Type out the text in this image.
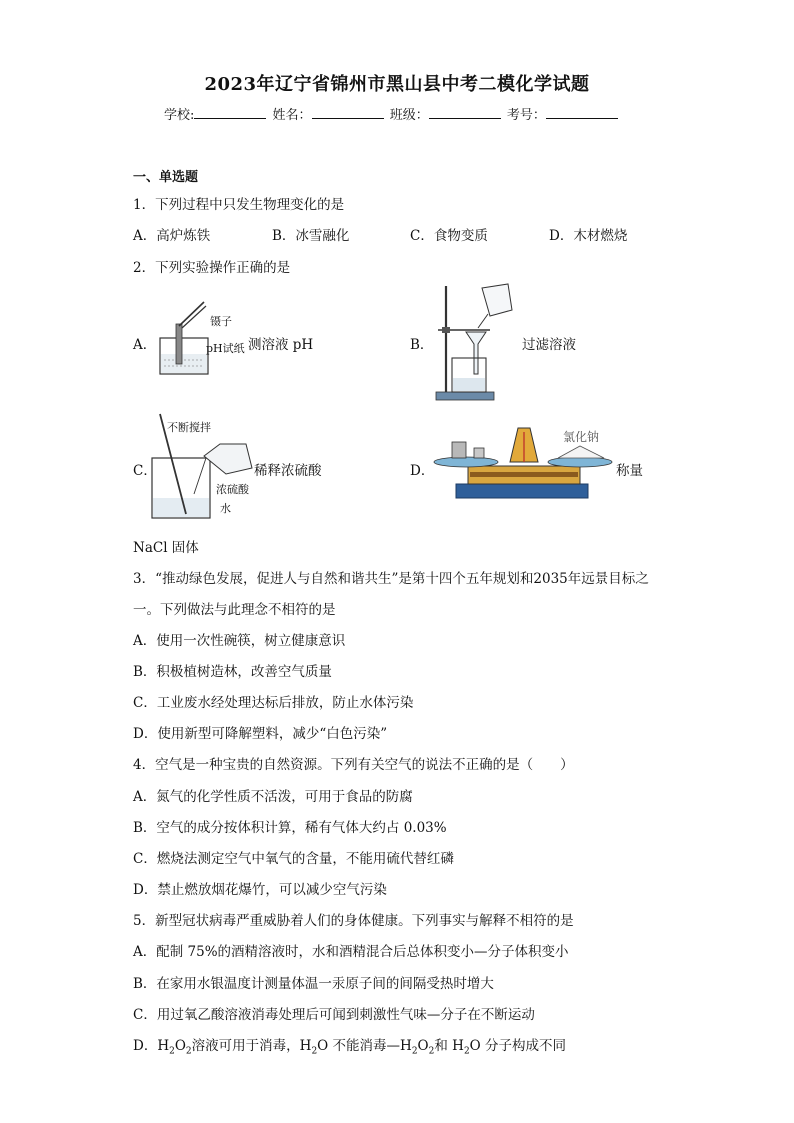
2023年辽宁省锦州市黑山县中考二模化学试题
学校:	姓名：	班级：	考号：
一、单选题
1．下列过程中只发生物理变化的是
A．高炉炼铁	B．冰雪融化	C．食物变质	D．木材燃烧
2．下列实验操作正确的是
A．
镊子
pH试纸 测溶液 pH	B．	过滤溶液
C．
不断搅拌
稀释浓硫酸
浓硫酸
水
D．
氯化钠
称量
NaCl 固体
3．“推动绿色发展，促进人与自然和谐共生”是第十四个五年规划和2035年远景目标之
一。下列做法与此理念不相符的是
A．使用一次性碗筷，树立健康意识
B．积极植树造林，改善空气质量
C．工业废水经处理达标后排放，防止水体污染
D．使用新型可降解塑料，减少“白色污染”
4．空气是一种宝贵的自然资源。下列有关空气的说法不正确的是（　　）
A．氮气的化学性质不活泼，可用于食品的防腐
B．空气的成分按体积计算，稀有气体大约占 0.03%
C．燃烧法测定空气中氧气的含量，不能用硫代替红磷
D．禁止燃放烟花爆竹，可以减少空气污染
5．新型冠状病毒严重威胁着人们的身体健康。下列事实与解释不相符的是
A．配制 75%的酒精溶液时，水和酒精混合后总体积变小—分子体积变小
B．在家用水银温度计测量体温一汞原子间的间隔受热时增大
C．用过氧乙酸溶液消毒处理后可闻到刺激性气味—分子在不断运动
D．$H_2O_2$溶液可用于消毒，$H_2O$ 不能消毒$—H_2O_2$和 $H_2O$ 分子构成不同
